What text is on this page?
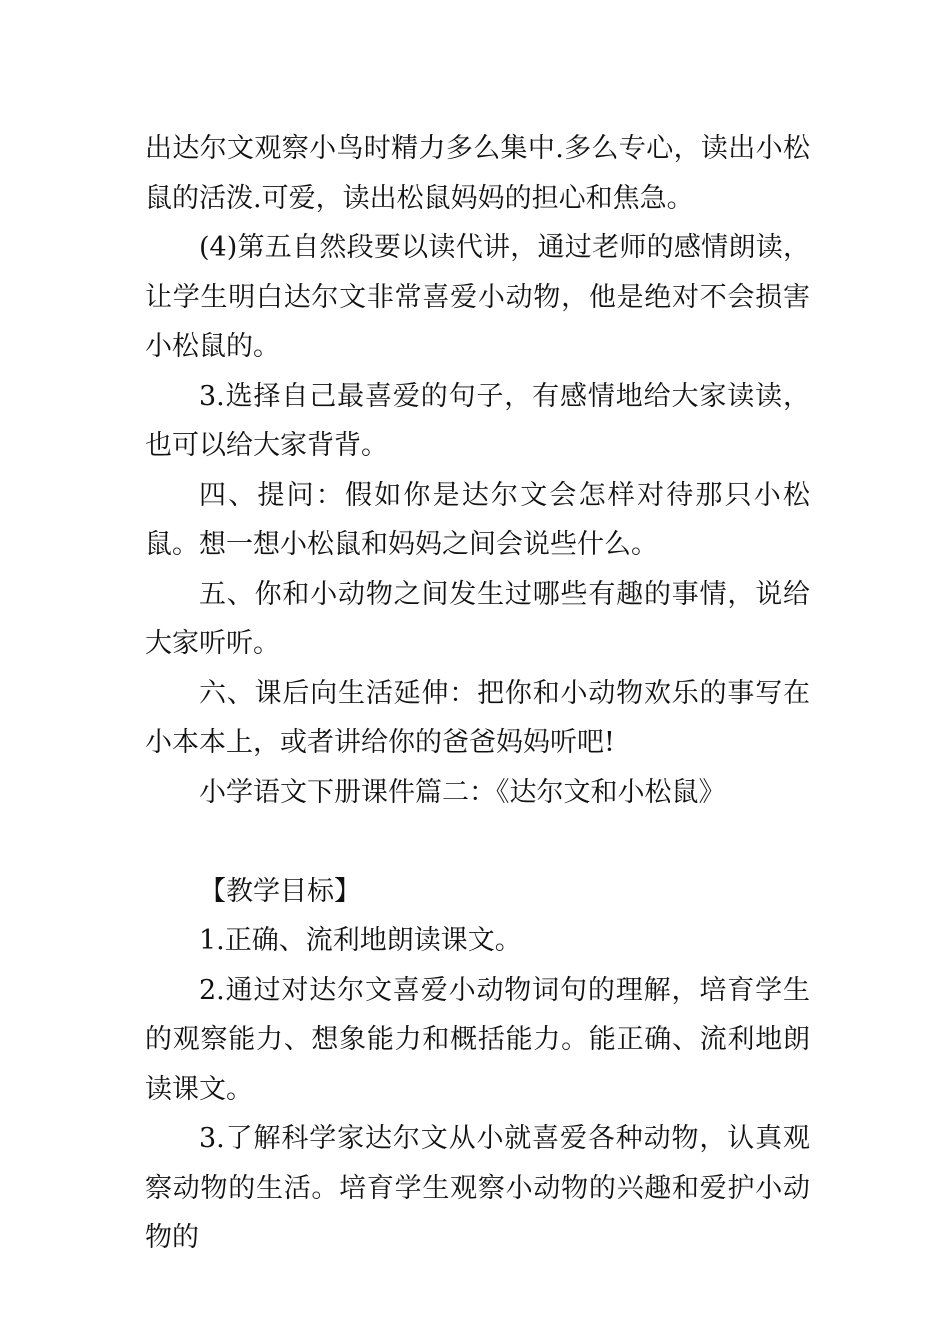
出达尔文观察小鸟时精力多么集中.多么专心，读出小松鼠的活泼.可爱，读出松鼠妈妈的担心和焦急。

(4)第五自然段要以读代讲，通过老师的感情朗读，让学生明白达尔文非常喜爱小动物，他是绝对不会损害小松鼠的。

3.选择自己最喜爱的句子，有感情地给大家读读，也可以给大家背背。

四、提问：假如你是达尔文会怎样对待那只小松鼠。想一想小松鼠和妈妈之间会说些什么。

五、你和小动物之间发生过哪些有趣的事情，说给大家听听。

六、课后向生活延伸：把你和小动物欢乐的事写在小本本上，或者讲给你的爸爸妈妈听吧!

小学语文下册课件篇二：《达尔文和小松鼠》

【教学目标】

1.正确、流利地朗读课文。

2.通过对达尔文喜爱小动物词句的理解，培育学生的观察能力、想象能力和概括能力。能正确、流利地朗读课文。

3.了解科学家达尔文从小就喜爱各种动物，认真观察动物的生活。培育学生观察小动物的兴趣和爱护小动物的
